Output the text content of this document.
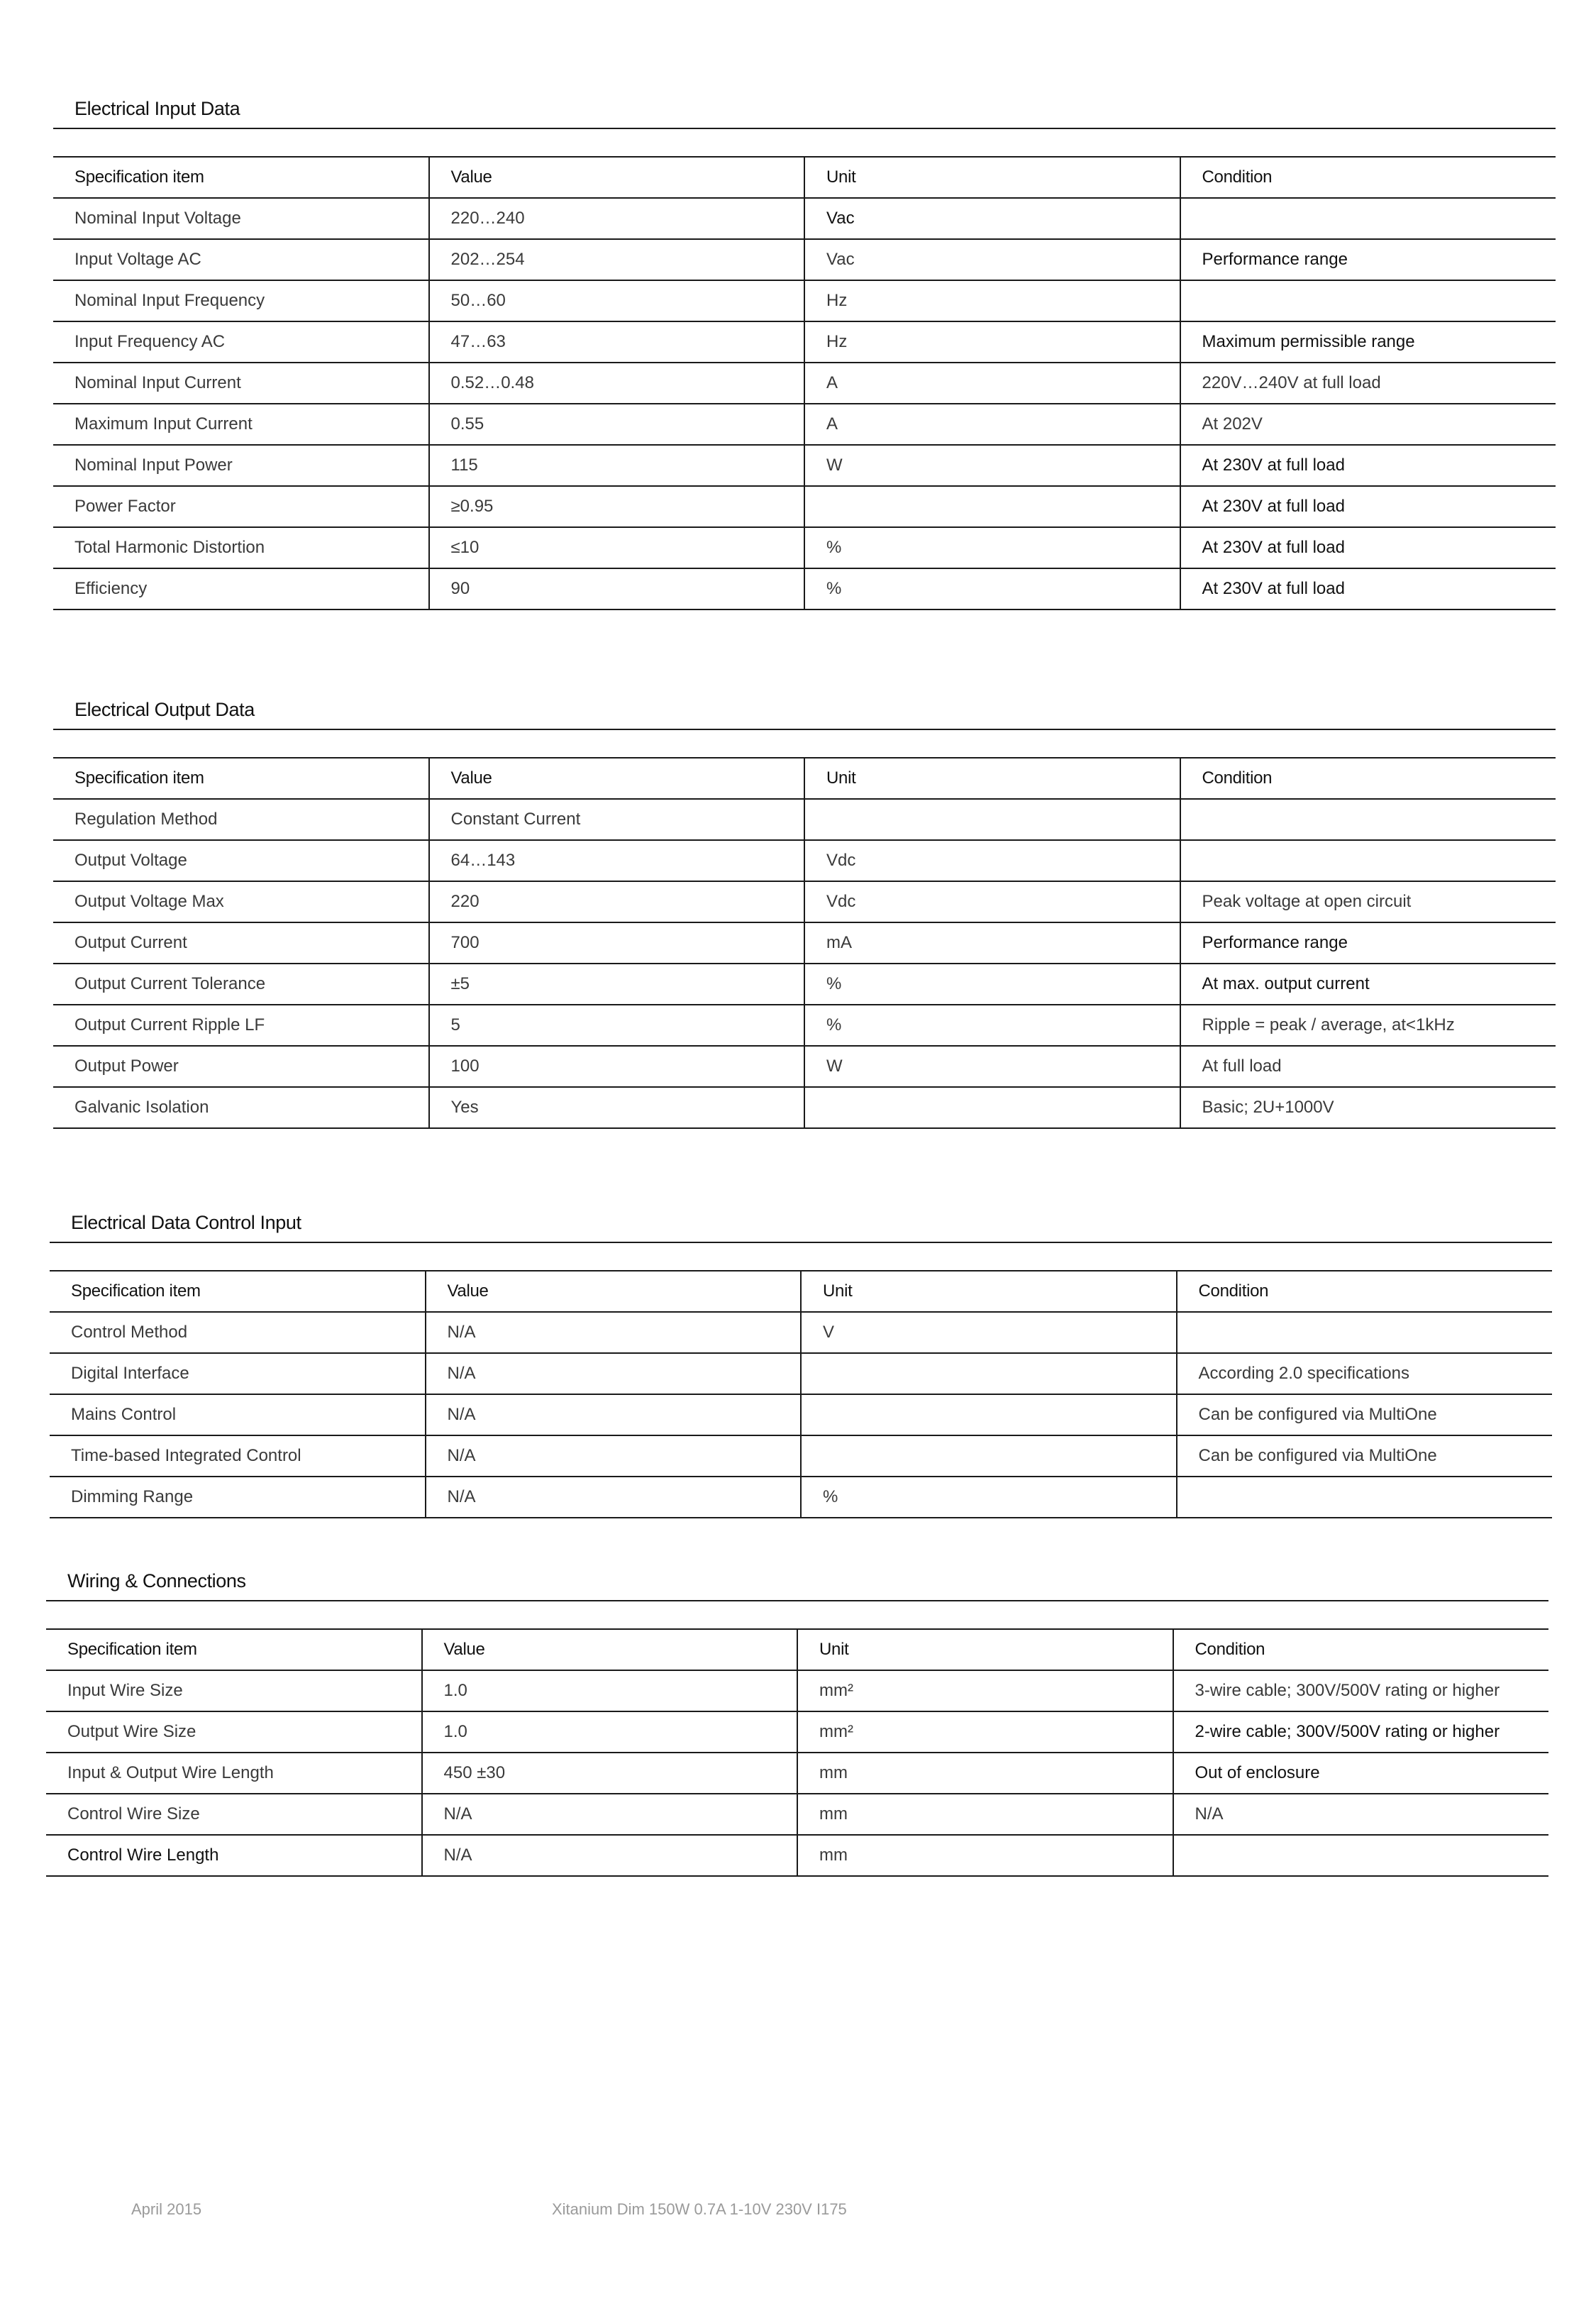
Electrical Input Data
Specification item	Value	Unit	Condition
Nominal Input Voltage	220…240	Vac	
Input Voltage AC	202…254	Vac	Performance range
Nominal Input Frequency	50…60	Hz	
Input Frequency AC	47…63	Hz	Maximum permissible range
Nominal Input Current	0.52…0.48	A	220V…240V at full load
Maximum Input Current	0.55	A	At 202V
Nominal Input Power	115	W	At 230V at full load
Power Factor	≥0.95		At 230V at full load
Total Harmonic Distortion	≤10	%	At 230V at full load
Efficiency	90	%	At 230V at full load
Electrical Output Data
Specification item	Value	Unit	Condition
Regulation Method	Constant Current		
Output Voltage	64…143	Vdc	
Output Voltage Max	220	Vdc	Peak voltage at open circuit
Output Current	700	mA	Performance range
Output Current Tolerance	±5	%	At max. output current
Output Current Ripple LF	5	%	Ripple = peak / average, at<1kHz
Output Power	100	W	At full load
Galvanic Isolation	Yes		Basic; 2U+1000V
Electrical Data Control Input
Specification item	Value	Unit	Condition
Control Method	N/A	V	
Digital Interface	N/A		According 2.0 specifications
Mains Control	N/A		Can be configured via MultiOne
Time-based Integrated Control	N/A		Can be configured via MultiOne
Dimming Range	N/A	%	
Wiring & Connections
Specification item	Value	Unit	Condition
Input Wire Size	1.0	mm²	3-wire cable; 300V/500V rating or higher
Output Wire Size	1.0	mm²	2-wire cable; 300V/500V rating or higher
Input & Output Wire Length	450 ±30	mm	Out of enclosure
Control Wire Size	N/A	mm	N/A
Control Wire Length	N/A	mm	
April 2015	Xitanium Dim 150W 0.7A 1-10V 230V I175
